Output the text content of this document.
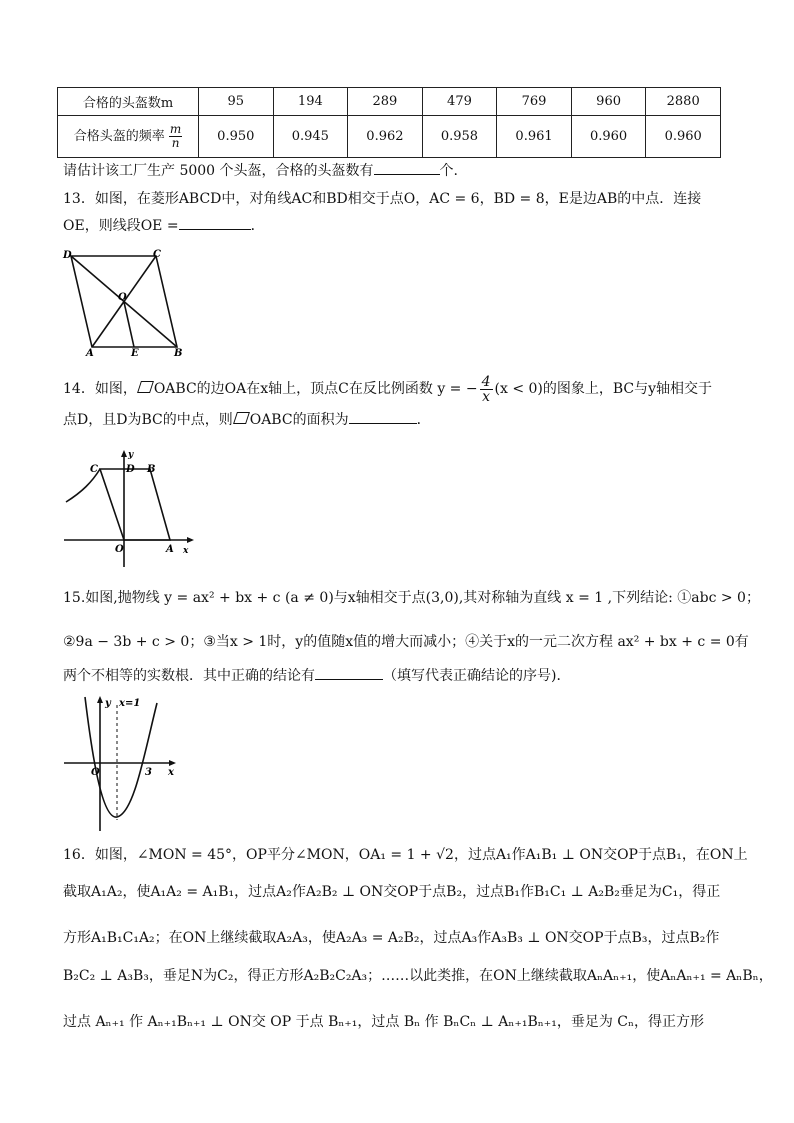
合格的头盔数m	95	194	289	479	769	960	2880
合格头盔的频率 $\frac{m}{n}$	0.950	0.945	0.962	0.958	0.961	0.960	0.960
请估计该工厂生产 5000 个头盔，合格的头盔数有	个.
13．如图，在菱形ABCD中，对角线AC和BD相交于点O，AC = 6，BD = 8，E是边AB的中点．连接
OE，则线段OE =	．
D	C
O
A	E	B
14．如图， OABC的边OA在x轴上，顶点C在反比例函数 y = − $\frac{4}{x} (x < 0)$的图象上，BC与y轴相交于
点D，且D为BC的中点，则 OABC的面积为	．
C	D B
y
O	A x
15.如图,抛物线 y = ax² + bx + c (a ≠ 0)与x轴相交于点(3,0),其对称轴为直线 x = 1 ,下列结论: ①abc > 0；
②9a − 3b + c > 0；③当x > 1时，y的值随x值的增大而减小；④关于x的一元二次方程 ax² + bx + c = 0有
两个不相等的实数根．其中正确的结论有	（填写代表正确结论的序号)．
y x=1
O	3 x
16．如图，∠MON = 45°，OP平分∠MON，OA₁ = 1 + √2，过点A₁作A₁B₁ ⊥ ON交OP于点B₁，在ON上
截取A₁A₂，使A₁A₂ = A₁B₁，过点A₂作A₂B₂ ⊥ ON交OP于点B₂，过点B₁作B₁C₁ ⊥ A₂B₂垂足为C₁，得正
方形A₁B₁C₁A₂；在ON上继续截取A₂A₃，使A₂A₃ = A₂B₂，过点A₃作A₃B₃ ⊥ ON交OP于点B₃，过点B₂作
B₂C₂ ⊥ A₃B₃，垂足N为C₂，得正方形A₂B₂C₂A₃；……以此类推，在ON上继续截取AₙAₙ₊₁，使AₙAₙ₊₁ = AₙBₙ，
过点 Aₙ₊₁ 作 Aₙ₊₁Bₙ₊₁ ⊥ ON交 OP 于点 Bₙ₊₁，过点 Bₙ 作 BₙCₙ ⊥ Aₙ₊₁Bₙ₊₁，垂足为 Cₙ，得正方形
